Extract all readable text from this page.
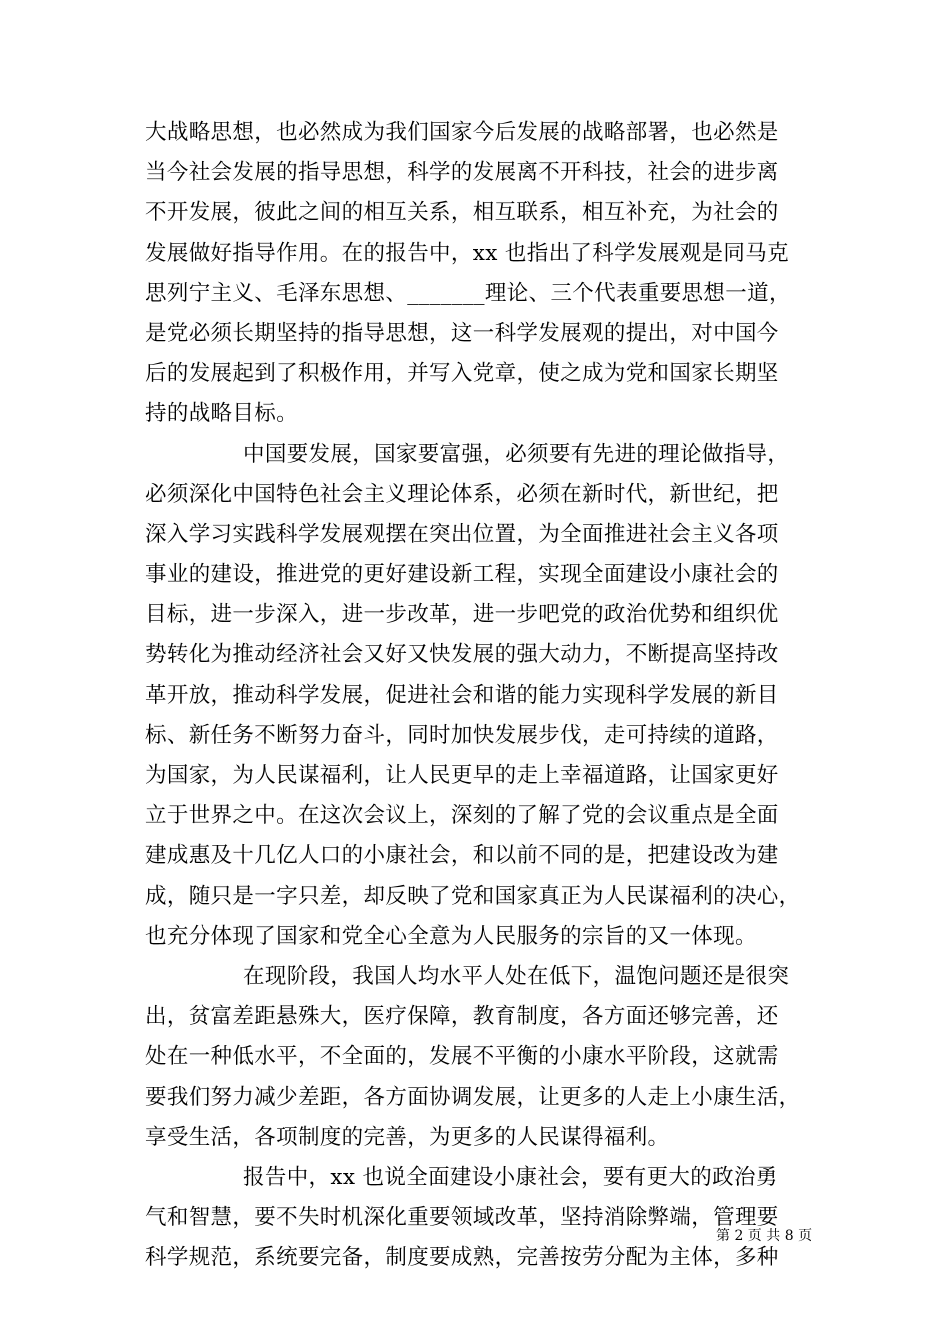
大战略思想，也必然成为我们国家今后发展的战略部署，也必然是
当今社会发展的指导思想，科学的发展离不开科技，社会的进步离
不开发展，彼此之间的相互关系，相互联系，相互补充，为社会的
发展做好指导作用。在的报告中，xx 也指出了科学发展观是同马克
思列宁主义、毛泽东思想、_______理论、三个代表重要思想一道，
是党必须长期坚持的指导思想，这一科学发展观的提出，对中国今
后的发展起到了积极作用，并写入党章，使之成为党和国家长期坚
持的战略目标。
中国要发展，国家要富强，必须要有先进的理论做指导，
必须深化中国特色社会主义理论体系，必须在新时代，新世纪，把
深入学习实践科学发展观摆在突出位置，为全面推进社会主义各项
事业的建设，推进党的更好建设新工程，实现全面建设小康社会的
目标，进一步深入，进一步改革，进一步吧党的政治优势和组织优
势转化为推动经济社会又好又快发展的强大动力，不断提高坚持改
革开放，推动科学发展，促进社会和谐的能力实现科学发展的新目
标、新任务不断努力奋斗，同时加快发展步伐，走可持续的道路，
为国家，为人民谋福利，让人民更早的走上幸福道路，让国家更好
立于世界之中。在这次会议上，深刻的了解了党的会议重点是全面
建成惠及十几亿人口的小康社会，和以前不同的是，把建设改为建
成，随只是一字只差，却反映了党和国家真正为人民谋福利的决心，
也充分体现了国家和党全心全意为人民服务的宗旨的又一体现。
在现阶段，我国人均水平人处在低下，温饱问题还是很突
出，贫富差距悬殊大，医疗保障，教育制度，各方面还够完善，还
处在一种低水平，不全面的，发展不平衡的小康水平阶段，这就需
要我们努力减少差距，各方面协调发展，让更多的人走上小康生活，
享受生活，各项制度的完善，为更多的人民谋得福利。
报告中，xx 也说全面建设小康社会，要有更大的政治勇
气和智慧，要不失时机深化重要领域改革，坚持消除弊端，管理要
科学规范，系统要完备，制度要成熟，完善按劳分配为主体，多种
第 2 页 共 8 页
